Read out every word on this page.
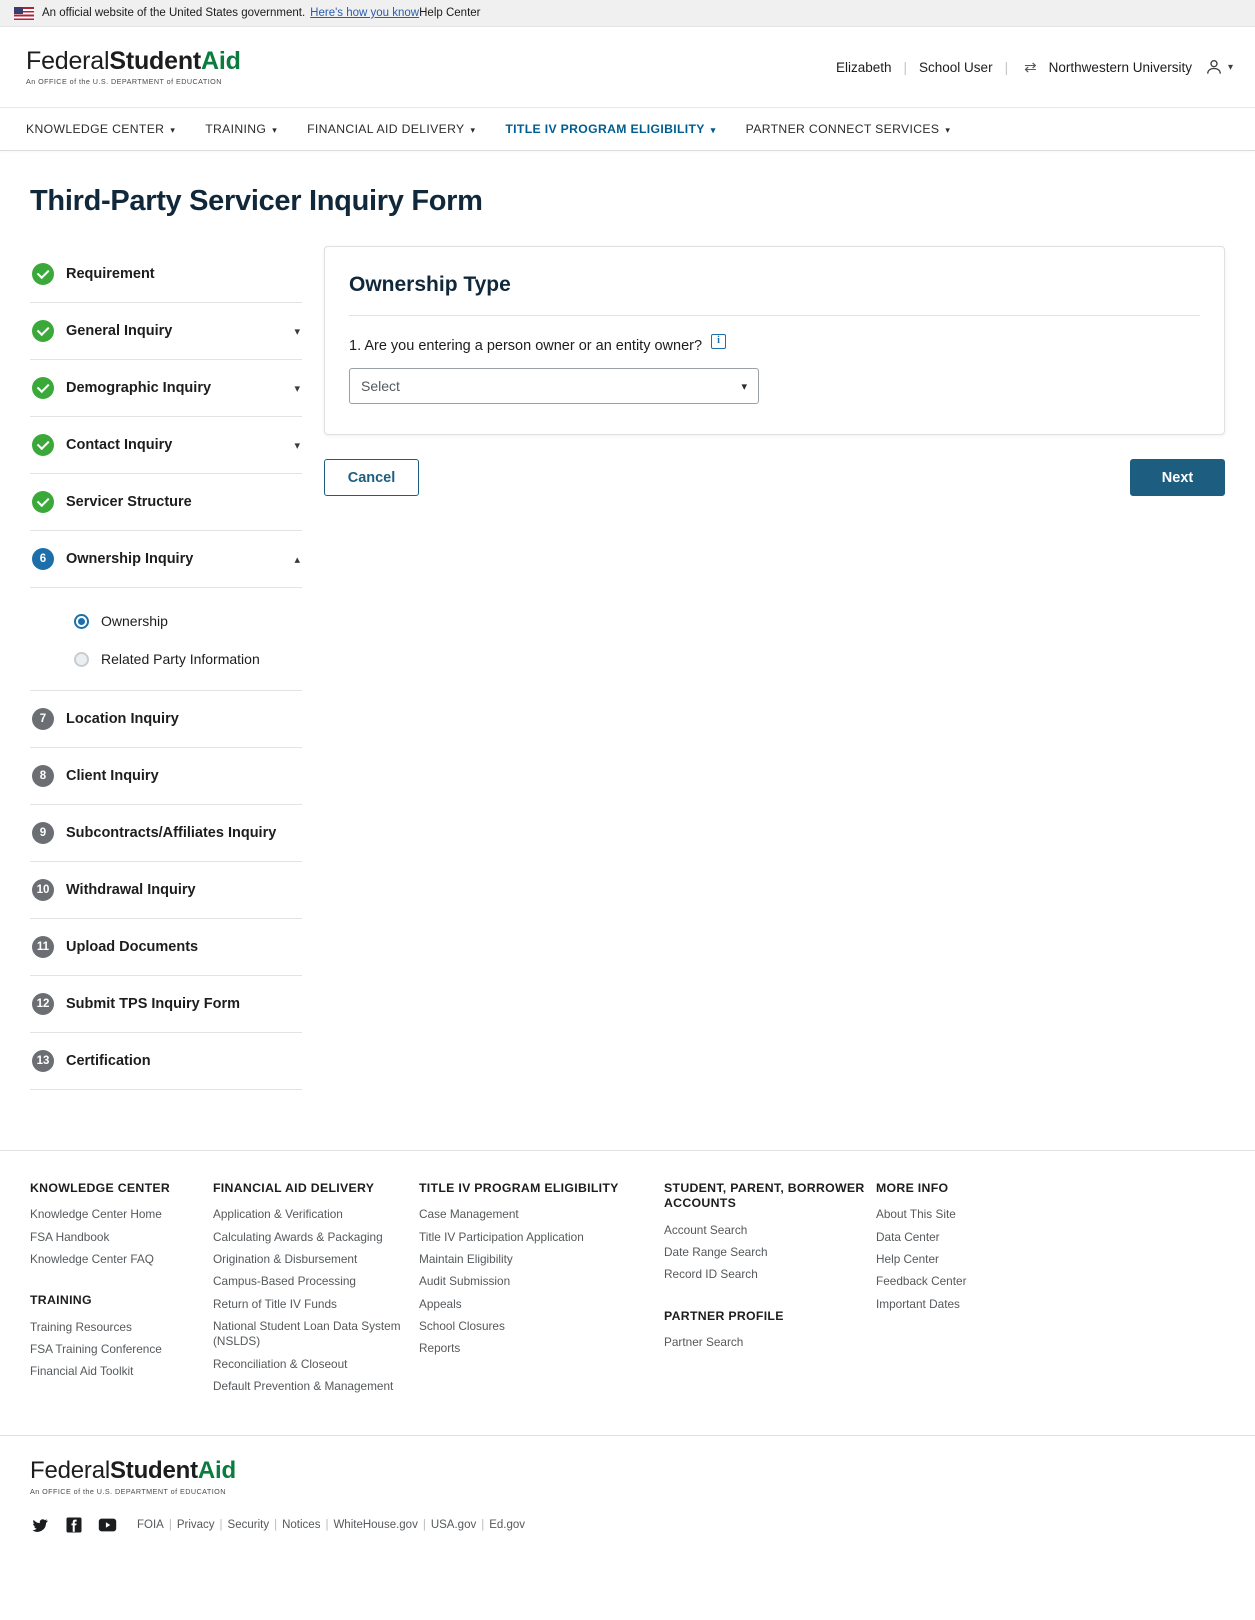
An official website of the United States government. Here's how you know Help Center
FederalStudentAid
An OFFICE of the U.S. DEPARTMENT of EDUCATION
Elizabeth | School User | ⇄ Northwestern University	▾
KNOWLEDGE CENTER ▾ TRAINING ▾ FINANCIAL AID DELIVERY ▾ TITLE IV PROGRAM ELIGIBILITY ▾ PARTNER CONNECT SERVICES ▾
Third-Party Servicer Inquiry Form
Requirement
General Inquiry	▾
Demographic Inquiry	▾
Contact Inquiry	▾
Servicer Structure
6	Ownership Inquiry	▴
Ownership
Related Party Information
7	Location Inquiry
8	Client Inquiry
9	Subcontracts/Affiliates Inquiry
10	Withdrawal Inquiry
11	Upload Documents
12	Submit TPS Inquiry Form
13	Certification
Ownership Type
1. Are you entering a person owner or an entity owner?	i
Select	▾
Cancel	Next
KNOWLEDGE CENTER
Knowledge Center Home
FSA Handbook
Knowledge Center FAQ
TRAINING
Training Resources
FSA Training Conference
Financial Aid Toolkit
FINANCIAL AID DELIVERY
Application & Verification
Calculating Awards & Packaging
Origination & Disbursement
Campus-Based Processing
Return of Title IV Funds
National Student Loan Data System (NSLDS)
Reconciliation & Closeout
Default Prevention & Management
TITLE IV PROGRAM ELIGIBILITY
Case Management
Title IV Participation Application
Maintain Eligibility
Audit Submission
Appeals
School Closures
Reports
STUDENT, PARENT, BORROWER ACCOUNTS
Account Search
Date Range Search
Record ID Search
PARTNER PROFILE
Partner Search
MORE INFO
About This Site
Data Center
Help Center
Feedback Center
Important Dates
FederalStudentAid
An OFFICE of the U.S. DEPARTMENT of EDUCATION
FOIA | Privacy | Security | Notices | WhiteHouse.gov | USA.gov | Ed.gov
